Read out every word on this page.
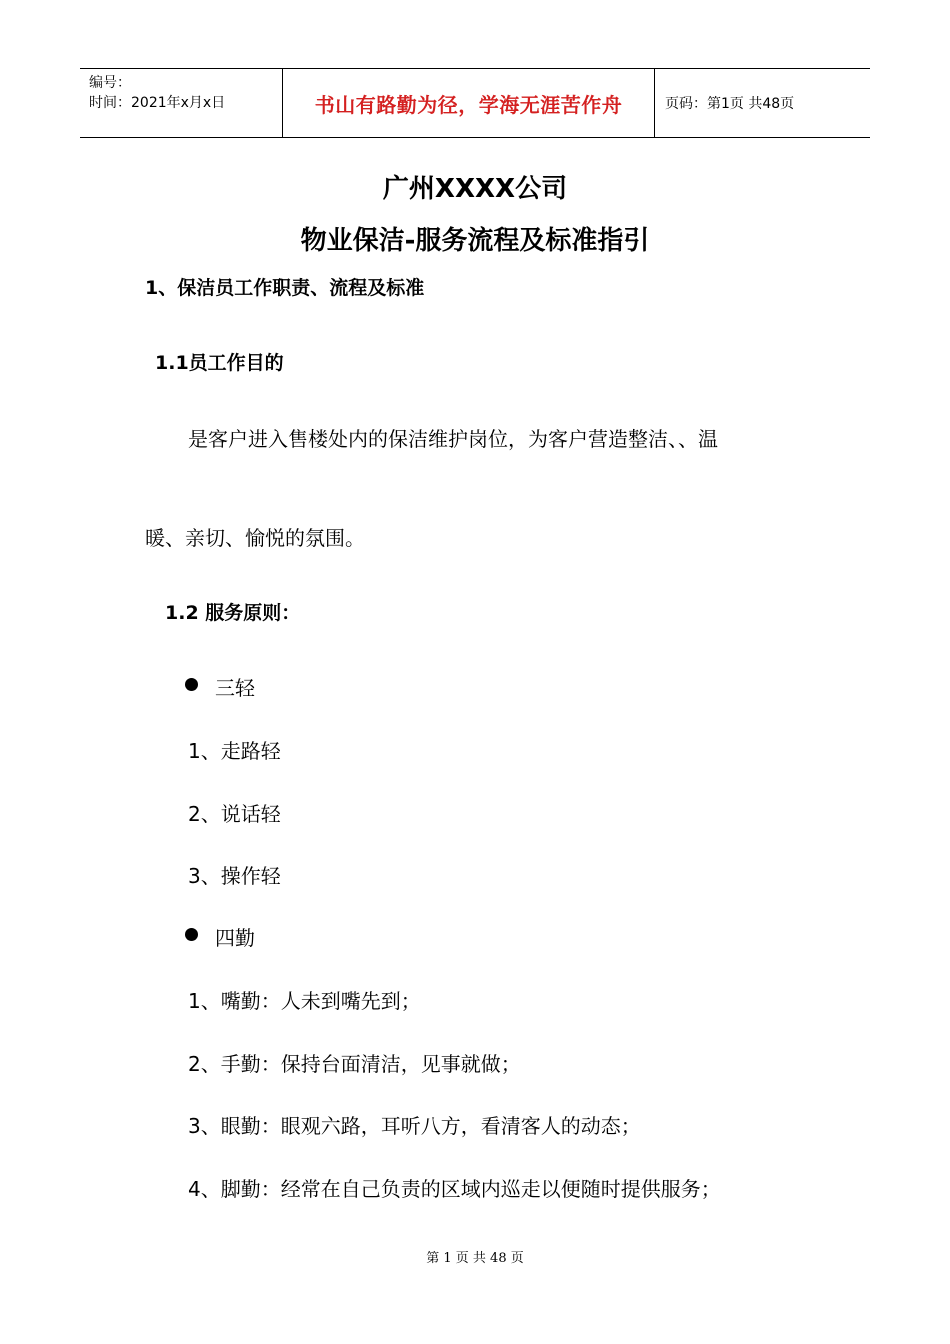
编号：
时间：2021年x月x日	书山有路勤为径，学海无涯苦作舟	页码：第1页 共48页
广州XXXX公司
物业保洁-服务流程及标准指引
1、保洁员工作职责、流程及标准
1.1员工作目的
是客户进入售楼处内的保洁维护岗位，为客户营造整洁、、温
暖、亲切、愉悦的氛围。
1.2 服务原则：
三轻
1、走路轻
2、说话轻
3、操作轻
四勤
1、嘴勤：人未到嘴先到；
2、手勤：保持台面清洁，见事就做；
3、眼勤：眼观六路，耳听八方，看清客人的动态；
4、脚勤：经常在自己负责的区域内巡走以便随时提供服务；
第 1 页 共 48 页
